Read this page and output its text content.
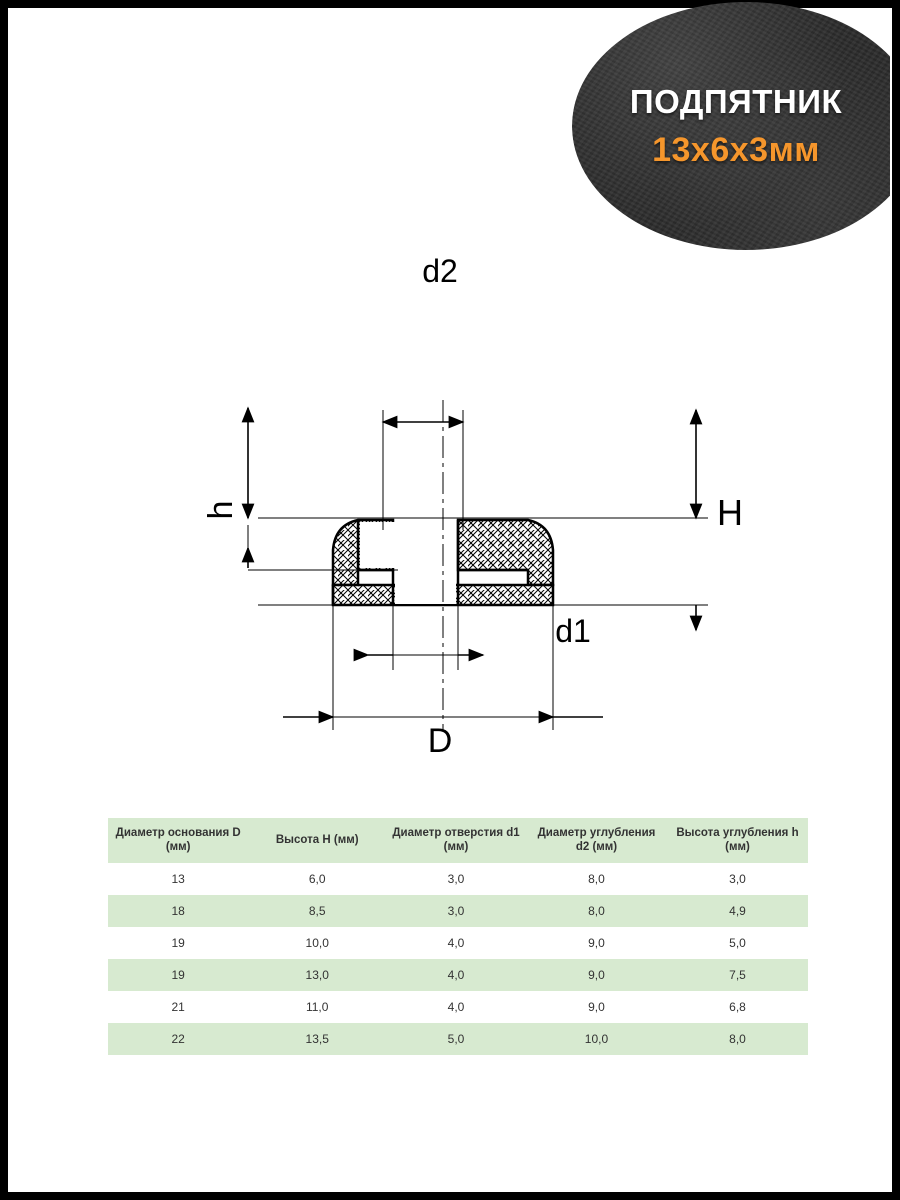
ПОДПЯТНИК
13x6x3мм
d2
H
h
d1
D
Диаметр основания D (мм)	Высота H (мм)	Диаметр отверстия d1 (мм)	Диаметр углубления d2 (мм)	Высота углубления h (мм)
13	6,0	3,0	8,0	3,0
18	8,5	3,0	8,0	4,9
19	10,0	4,0	9,0	5,0
19	13,0	4,0	9,0	7,5
21	11,0	4,0	9,0	6,8
22	13,5	5,0	10,0	8,0
